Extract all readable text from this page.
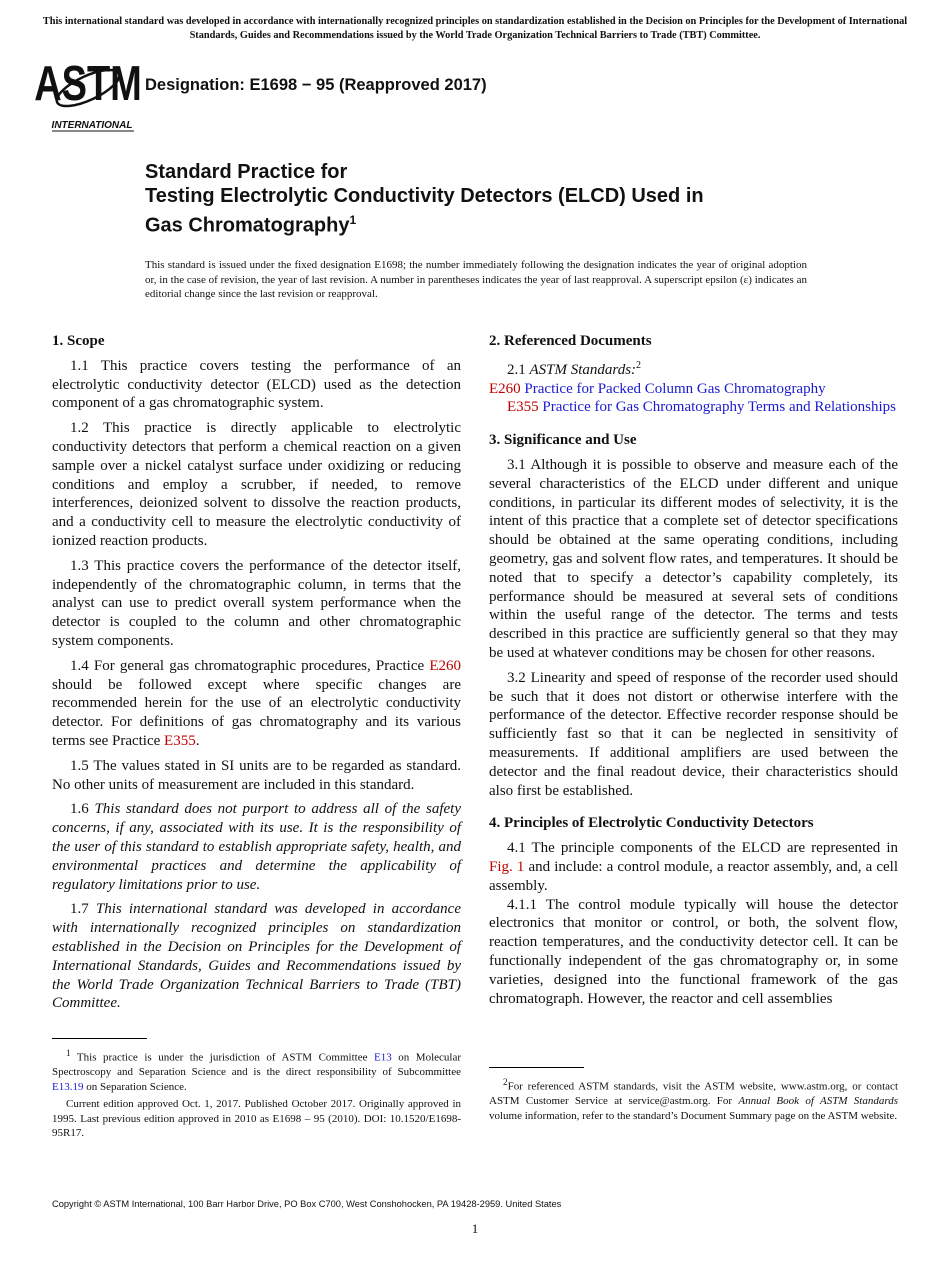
This international standard was developed in accordance with internationally recognized principles on standardization established in the Decision on Principles for the Development of International Standards, Guides and Recommendations issued by the World Trade Organization Technical Barriers to Trade (TBT) Committee.
ASTM
INTERNATIONAL
Designation: E1698 − 95 (Reapproved 2017)
Standard Practice for
Testing Electrolytic Conductivity Detectors (ELCD) Used in
Gas Chromatography$^1$
This standard is issued under the fixed designation E1698; the number immediately following the designation indicates the year of original adoption or, in the case of revision, the year of last revision. A number in parentheses indicates the year of last reapproval. A superscript epsilon (ε) indicates an editorial change since the last revision or reapproval.
1. Scope

1.1 This practice covers testing the performance of an electrolytic conductivity detector (ELCD) used as the detection component of a gas chromatographic system.

1.2 This practice is directly applicable to electrolytic conductivity detectors that perform a chemical reaction on a given sample over a nickel catalyst surface under oxidizing or reducing conditions and employ a scrubber, if needed, to remove interferences, deionized solvent to dissolve the reaction products, and a conductivity cell to measure the electrolytic conductivity of ionized reaction products.

1.3 This practice covers the performance of the detector itself, independently of the chromatographic column, in terms that the analyst can use to predict overall system performance when the detector is coupled to the column and other chromatographic system components.

1.4 For general gas chromatographic procedures, Practice E260 should be followed except where specific changes are recommended herein for the use of an electrolytic conductivity detector. For definitions of gas chromatography and its various terms see Practice E355.

1.5 The values stated in SI units are to be regarded as standard. No other units of measurement are included in this standard.

1.6 This standard does not purport to address all of the safety concerns, if any, associated with its use. It is the responsibility of the user of this standard to establish appropriate safety, health, and environmental practices and determine the applicability of regulatory limitations prior to use.

1.7 This international standard was developed in accordance with internationally recognized principles on standardization established in the Decision on Principles for the Development of International Standards, Guides and Recommendations issued by the World Trade Organization Technical Barriers to Trade (TBT) Committee.

2. Referenced Documents

2.1 ASTM Standards:$^2$

E260 Practice for Packed Column Gas Chromatography

E355 Practice for Gas Chromatography Terms and Relationships

3. Significance and Use

3.1 Although it is possible to observe and measure each of the several characteristics of the ELCD under different and unique conditions, in particular its different modes of selectivity, it is the intent of this practice that a complete set of detector specifications should be obtained at the same operating conditions, including geometry, gas and solvent flow rates, and temperatures. It should be noted that to specify a detector’s capability completely, its performance should be measured at several sets of conditions within the useful range of the detector. The terms and tests described in this practice are sufficiently general so that they may be used at whatever conditions may be chosen for other reasons.

3.2 Linearity and speed of response of the recorder used should be such that it does not distort or otherwise interfere with the performance of the detector. Effective recorder response should be sufficiently fast so that it can be neglected in sensitivity of measurements. If additional amplifiers are used between the detector and the final readout device, their characteristics should also first be established.

4. Principles of Electrolytic Conductivity Detectors

4.1 The principle components of the ELCD are represented in Fig. 1 and include: a control module, a reactor assembly, and, a cell assembly.

4.1.1 The control module typically will house the detector electronics that monitor or control, or both, the solvent flow, reaction temperatures, and the conductivity detector cell. It can be functionally independent of the gas chromatography or, in some varieties, designed into the functional framework of the gas chromatograph. However, the reactor and cell assemblies

$^1$ This practice is under the jurisdiction of ASTM Committee E13 on Molecular Spectroscopy and Separation Science and is the direct responsibility of Subcommittee E13.19 on Separation Science.

Current edition approved Oct. 1, 2017. Published October 2017. Originally approved in 1995. Last previous edition approved in 2010 as E1698 – 95 (2010). DOI: 10.1520/E1698-95R17.

$^2$For referenced ASTM standards, visit the ASTM website, www.astm.org, or contact ASTM Customer Service at service@astm.org. For Annual Book of ASTM Standards volume information, refer to the standard’s Document Summary page on the ASTM website.

Copyright © ASTM International, 100 Barr Harbor Drive, PO Box C700, West Conshohocken, PA 19428-2959. United States
1
